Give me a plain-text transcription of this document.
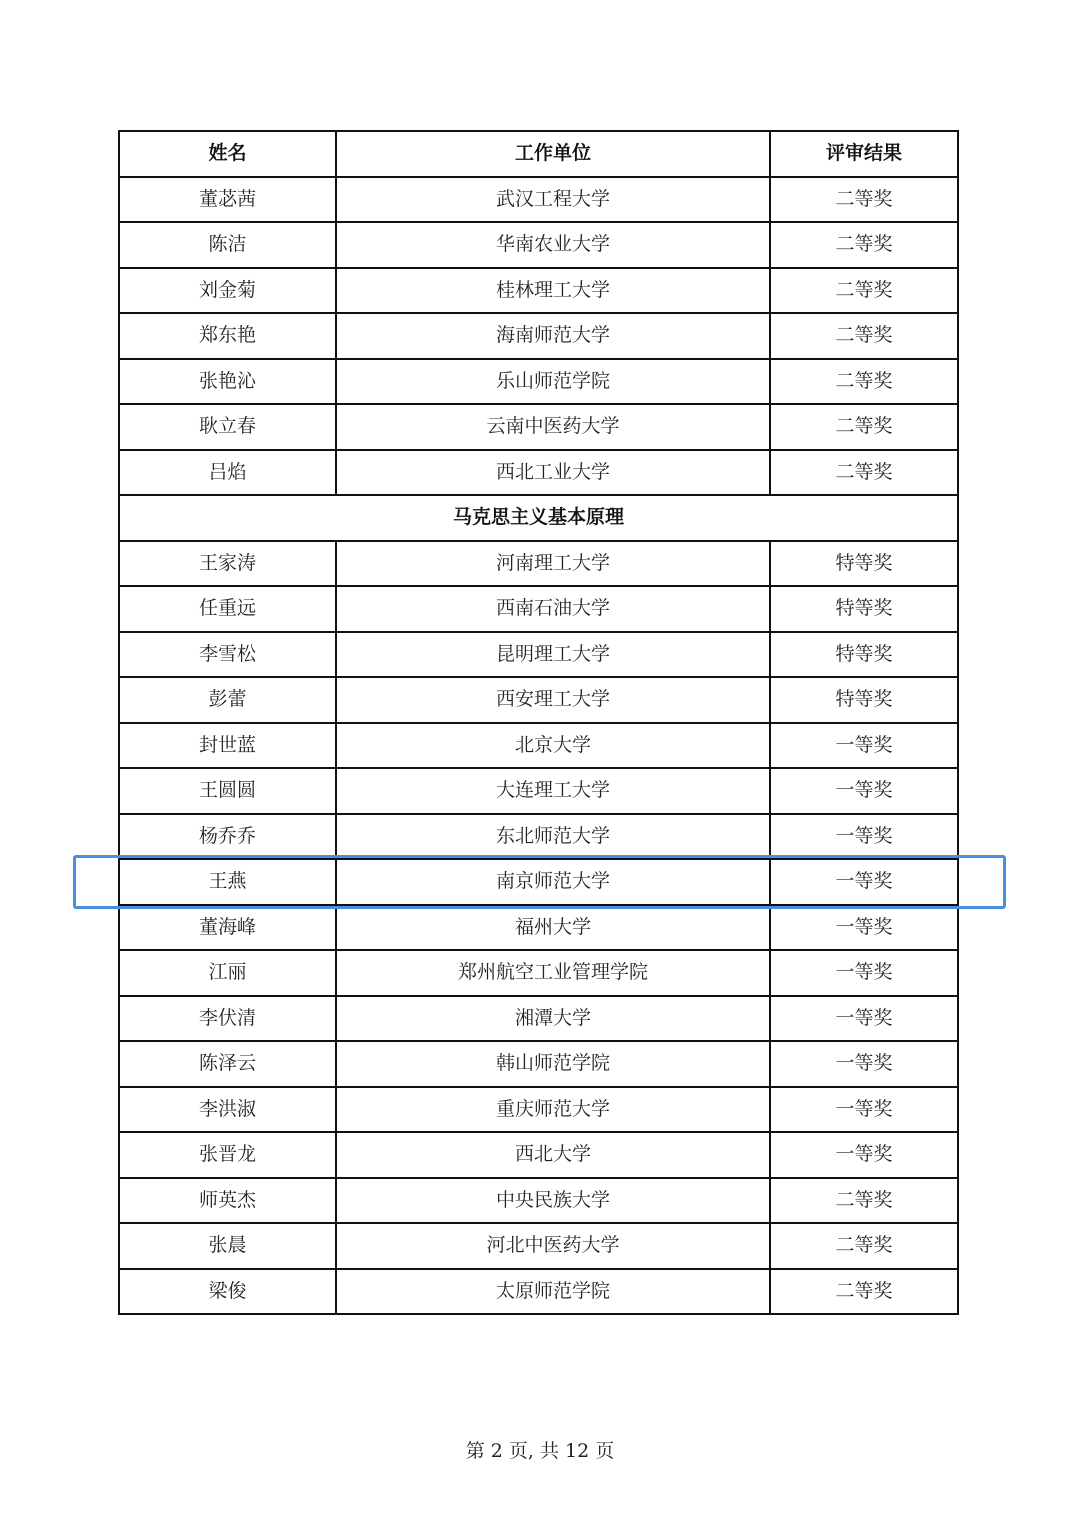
姓名	工作单位	评审结果
董苾茜	武汉工程大学	二等奖
陈洁	华南农业大学	二等奖
刘金菊	桂林理工大学	二等奖
郑东艳	海南师范大学	二等奖
张艳沁	乐山师范学院	二等奖
耿立春	云南中医药大学	二等奖
吕焰	西北工业大学	二等奖
马克思主义基本原理		
王家涛	河南理工大学	特等奖
任重远	西南石油大学	特等奖
李雪松	昆明理工大学	特等奖
彭蕾	西安理工大学	特等奖
封世蓝	北京大学	一等奖
王圆圆	大连理工大学	一等奖
杨乔乔	东北师范大学	一等奖
王燕	南京师范大学	一等奖
董海峰	福州大学	一等奖
江丽	郑州航空工业管理学院	一等奖
李伏清	湘潭大学	一等奖
陈泽云	韩山师范学院	一等奖
李洪淑	重庆师范大学	一等奖
张晋龙	西北大学	一等奖
师英杰	中央民族大学	二等奖
张晨	河北中医药大学	二等奖
梁俊	太原师范学院	二等奖
第 2 页, 共 12 页
